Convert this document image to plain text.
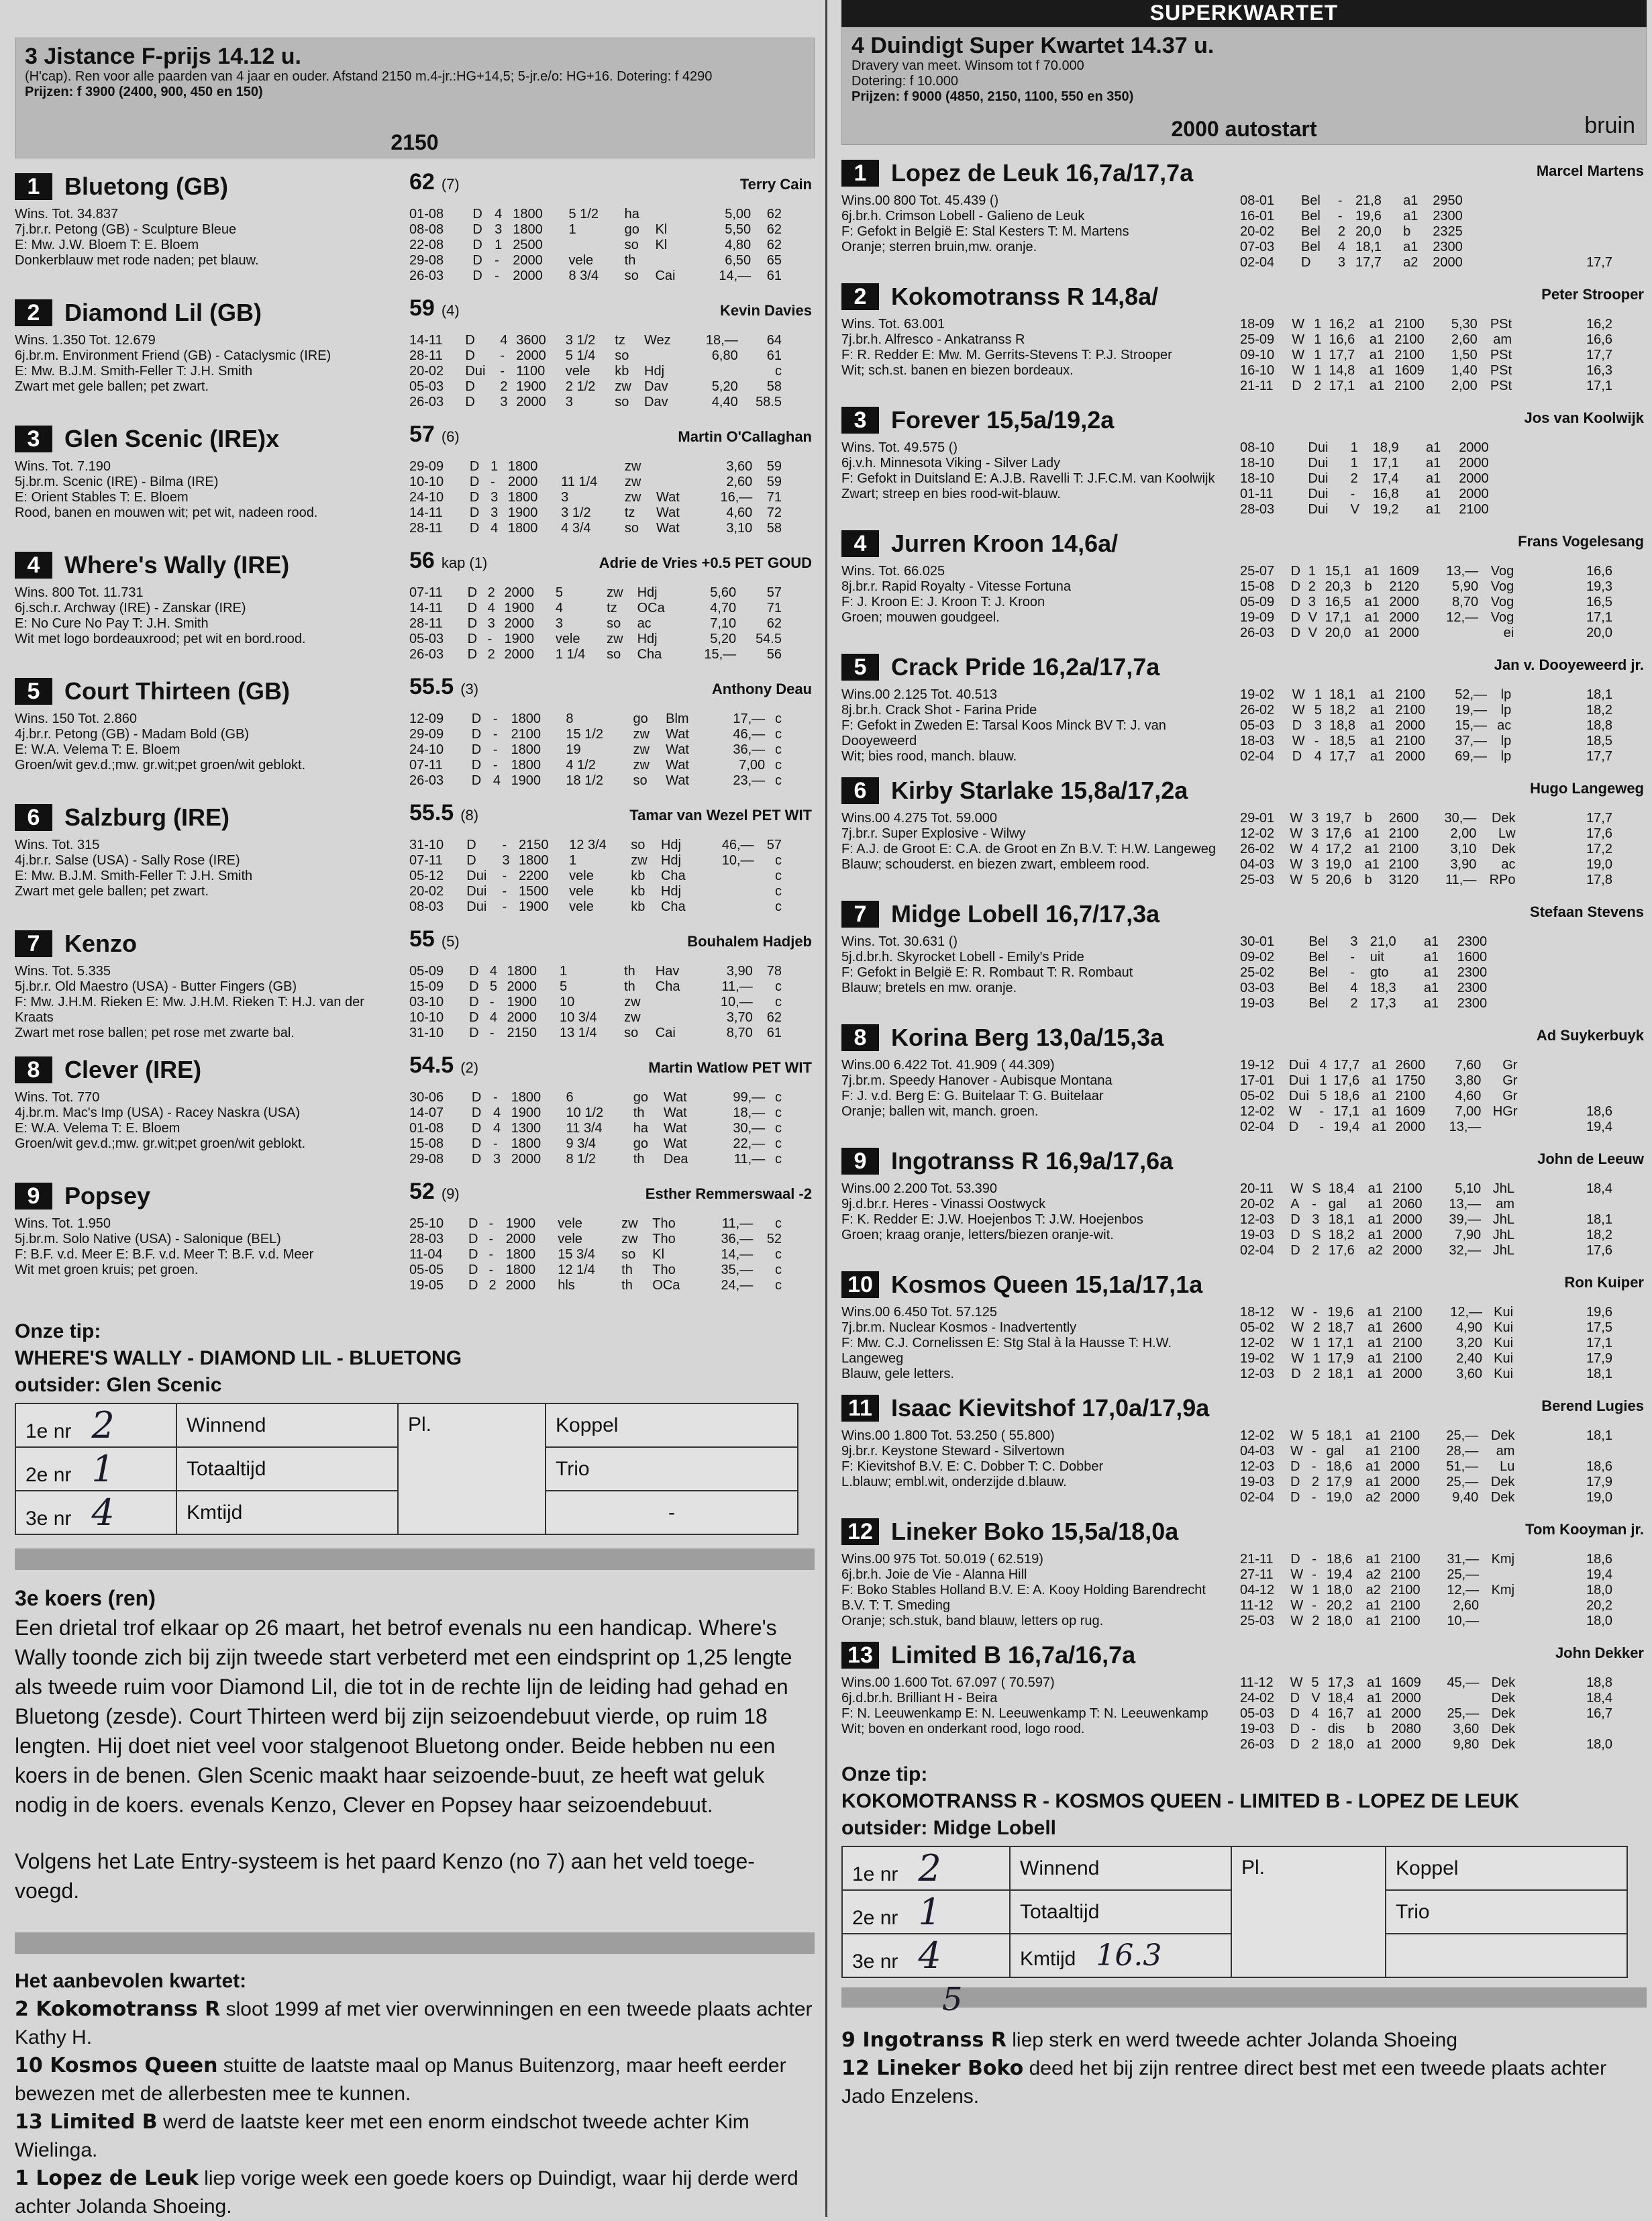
3 Jistance F-prijs 14.12 u.
(H'cap). Ren voor alle paarden van 4 jaar en ouder. Afstand 2150 m.4-jr.:HG+14,5; 5-jr.e/o: HG+16. Dotering: f 4290
Prijzen: f 3900 (2400, 900, 450 en 150)
2150
1 Bluetong (GB)	62 (7)	Terry Cain
Wins. Tot. 34.837
7j.br.r. Petong (GB) - Sculpture Bleue
E: Mw. J.W. Bloem T: E. Bloem
Donkerblauw met rode naden; pet blauw.
01-08	D	4	1800	5 1/2	ha		5,00	62
08-08	D	3	1800	1	go	Kl	5,50	62
22-08	D	1	2500		so	Kl	4,80	62
29-08	D	-	2000	vele	th		6,50	65
26-03	D	-	2000	8 3/4	so	Cai	14,—	61
2 Diamond Lil (GB)	59 (4)	Kevin Davies
Wins. 1.350 Tot. 12.679
6j.br.m. Environment Friend (GB) - Cataclysmic (IRE)
E: Mw. B.J.M. Smith-Feller T: J.H. Smith
Zwart met gele ballen; pet zwart.
14-11	D	4	3600	3 1/2	tz	Wez	18,—	64
28-11	D	-	2000	5 1/4	so		6,80	61
20-02	Dui	-	1100	vele	kb	Hdj		c
05-03	D	2	1900	2 1/2	zw	Dav	5,20	58
26-03	D	3	2000	3	so	Dav	4,40	58.5
3 Glen Scenic (IRE)x	57 (6)	Martin O'Callaghan
Wins. Tot. 7.190
5j.br.m. Scenic (IRE) - Bilma (IRE)
E: Orient Stables T: E. Bloem
Rood, banen en mouwen wit; pet wit, nadeen rood.
29-09	D	1	1800		zw		3,60	59
10-10	D	-	2000	11 1/4	zw		2,60	59
24-10	D	3	1800	3	zw	Wat	16,—	71
14-11	D	3	1900	3 1/2	tz	Wat	4,60	72
28-11	D	4	1800	4 3/4	so	Wat	3,10	58
4 Where's Wally (IRE)	56 kap (1)	Adrie de Vries +0.5 PET GOUD
Wins. 800 Tot. 11.731
6j.sch.r. Archway (IRE) - Zanskar (IRE)
E: No Cure No Pay T: J.H. Smith
Wit met logo bordeauxrood; pet wit en bord.rood.
07-11	D	2	2000	5	zw	Hdj	5,60	57
14-11	D	4	1900	4	tz	OCa	4,70	71
28-11	D	3	2000	3	so	ac	7,10	62
05-03	D	-	1900	vele	zw	Hdj	5,20	54.5
26-03	D	2	2000	1 1/4	so	Cha	15,—	56
5 Court Thirteen (GB)	55.5 (3)	Anthony Deau
Wins. 150 Tot. 2.860
4j.br.r. Petong (GB) - Madam Bold (GB)
E: W.A. Velema T: E. Bloem
Groen/wit gev.d.;mw. gr.wit;pet groen/wit geblokt.
12-09	D	-	1800	8	go	Blm	17,—	c
29-09	D	-	2100	15 1/2	zw	Wat	46,—	c
24-10	D	-	1800	19	zw	Wat	36,—	c
07-11	D	-	1800	4 1/2	zw	Wat	7,00	c
26-03	D	4	1900	18 1/2	so	Wat	23,—	c
6 Salzburg (IRE)	55.5 (8)	Tamar van Wezel PET WIT
Wins. Tot. 315
4j.br.r. Salse (USA) - Sally Rose (IRE)
E: Mw. B.J.M. Smith-Feller T: J.H. Smith
Zwart met gele ballen; pet zwart.
31-10	D	-	2150	12 3/4	so	Hdj	46,—	57
07-11	D	3	1800	1	zw	Hdj	10,—	c
05-12	Dui	-	2200	vele	kb	Cha		c
20-02	Dui	-	1500	vele	kb	Hdj		c
08-03	Dui	-	1900	vele	kb	Cha		c
7 Kenzo	55 (5)	Bouhalem Hadjeb
Wins. Tot. 5.335
5j.br.r. Old Maestro (USA) - Butter Fingers (GB)
F: Mw. J.H.M. Rieken E: Mw. J.H.M. Rieken T: H.J. van der Kraats
Zwart met rose ballen; pet rose met zwarte bal.
05-09	D	4	1800	1	th	Hav	3,90	78
15-09	D	5	2000	5	th	Cha	11,—	c
03-10	D	-	1900	10	zw		10,—	c
10-10	D	4	2000	10 3/4	zw		3,70	62
31-10	D	-	2150	13 1/4	so	Cai	8,70	61
8 Clever (IRE)	54.5 (2)	Martin Watlow PET WIT
Wins. Tot. 770
4j.br.m. Mac's Imp (USA) - Racey Naskra (USA)
E: W.A. Velema T: E. Bloem
Groen/wit gev.d.;mw. gr.wit;pet groen/wit geblokt.
30-06	D	-	1800	6	go	Wat	99,—	c
14-07	D	4	1900	10 1/2	th	Wat	18,—	c
01-08	D	4	1300	11 3/4	ha	Wat	30,—	c
15-08	D	-	1800	9 3/4	go	Wat	22,—	c
29-08	D	3	2000	8 1/2	th	Dea	11,—	c
9 Popsey	52 (9)	Esther Remmerswaal -2
Wins. Tot. 1.950
5j.br.m. Solo Native (USA) - Salonique (BEL)
F: B.F. v.d. Meer E: B.F. v.d. Meer T: B.F. v.d. Meer
Wit met groen kruis; pet groen.
25-10	D	-	1900	vele	zw	Tho	11,—	c
28-03	D	-	2000	vele	zw	Tho	36,—	52
11-04	D	-	1800	15 3/4	so	Kl	14,—	c
05-05	D	-	1800	12 1/4	th	Tho	35,—	c
19-05	D	2	2000	hls	th	OCa	24,—	c
Onze tip:
WHERE'S WALLY - DIAMOND LIL - BLUETONG
outsider: Glen Scenic
1e nr 2	Winnend	Pl.	Koppel
2e nr 1	Totaaltijd		Trio
3e nr 4	Kmtijd		-
3e koers (ren)
Een drietal trof elkaar op 26 maart, het betrof evenals nu een handicap. Where's Wally toonde zich bij zijn tweede start verbeterd met een eindsprint op 1,25 lengte als tweede ruim voor Diamond Lil, die tot in de rechte lijn de leiding had gehad en Bluetong (zesde). Court Thirteen werd bij zijn seizoendebuut vierde, op ruim 18 lengten. Hij doet niet veel voor stalgenoot Bluetong onder. Beide hebben nu een koers in de benen. Glen Scenic maakt haar seizoende-buut, ze heeft wat geluk nodig in de koers. evenals Kenzo, Clever en Popsey haar seizoendebuut.
Volgens het Late Entry-systeem is het paard Kenzo (no 7) aan het veld toege-voegd.
Het aanbevolen kwartet:
2 Kokomotranss R sloot 1999 af met vier overwinningen en een tweede plaats achter Kathy H.
10 Kosmos Queen stuitte de laatste maal op Manus Buitenzorg, maar heeft eerder bewezen met de allerbesten mee te kunnen.
13 Limited B werd de laatste keer met een enorm eindschot tweede achter Kim Wielinga.
1 Lopez de Leuk liep vorige week een goede koers op Duindigt, waar hij derde werd achter Jolanda Shoeing.
SUPERKWARTET
4 Duindigt Super Kwartet 14.37 u.
Dravery van meet. Winsom tot f 70.000
Dotering: f 10.000
Prijzen: f 9000 (4850, 2150, 1100, 550 en 350)
2000 autostart	bruin
1 Lopez de Leuk 16,7a/17,7a	Marcel Martens
Wins.00 800 Tot. 45.439 ()
6j.br.h. Crimson Lobell - Galieno de Leuk
F: Gefokt in België E: Stal Kesters T: M. Martens
Oranje; sterren bruin,mw. oranje.
08-01	Bel	-	21,8	a1	2950				
16-01	Bel	-	19,6	a1	2300				
20-02	Bel	2	20,0	b	2325				
07-03	Bel	4	18,1	a1	2300				
02-04	D	3	17,7	a2	2000				17,7
2 Kokomotranss R 14,8a/	Peter Strooper
Wins. Tot. 63.001
7j.br.h. Alfresco - Ankatranss R
F: R. Redder E: Mw. M. Gerrits-Stevens T: P.J. Strooper
Wit; sch.st. banen en biezen bordeaux.
18-09	W	1	16,2	a1	2100	5,30	PSt		16,2
25-09	W	1	16,6	a1	2100	2,60	am		16,6
09-10	W	1	17,7	a1	2100	1,50	PSt		17,7
16-10	W	1	14,8	a1	1609	1,40	PSt		16,3
21-11	D	2	17,1	a1	2100	2,00	PSt		17,1
3 Forever 15,5a/19,2a	Jos van Koolwijk
Wins. Tot. 49.575 ()
6j.v.h. Minnesota Viking - Silver Lady
F: Gefokt in Duitsland E: A.J.B. Ravelli T: J.F.C.M. van Koolwijk
Zwart; streep en bies rood-wit-blauw.
08-10	Dui	1	18,9	a1	2000				
18-10	Dui	1	17,1	a1	2000				
18-10	Dui	2	17,4	a1	2000				
01-11	Dui	-	16,8	a1	2000				
28-03	Dui	V	19,2	a1	2100				
4 Jurren Kroon 14,6a/	Frans Vogelesang
Wins. Tot. 66.025
8j.br.r. Rapid Royalty - Vitesse Fortuna
F: J. Kroon E: J. Kroon T: J. Kroon
Groen; mouwen goudgeel.
25-07	D	1	15,1	a1	1609	13,—	Vog		16,6
15-08	D	2	20,3	b	2120	5,90	Vog		19,3
05-09	D	3	16,5	a1	2000	8,70	Vog		16,5
19-09	D	V	17,1	a1	2000	12,—	Vog		17,1
26-03	D	V	20,0	a1	2000		ei		20,0
5 Crack Pride 16,2a/17,7a	Jan v. Dooyeweerd jr.
Wins.00 2.125 Tot. 40.513
8j.br.h. Crack Shot - Farina Pride
F: Gefokt in Zweden E: Tarsal Koos Minck BV T: J. van Dooyeweerd
Wit; bies rood, manch. blauw.
19-02	W	1	18,1	a1	2100	52,—	lp		18,1
26-02	W	5	18,2	a1	2100	19,—	lp		18,2
05-03	D	3	18,8	a1	2000	15,—	ac		18,8
18-03	W	-	18,5	a1	2100	37,—	lp		18,5
02-04	D	4	17,7	a1	2000	69,—	lp		17,7
6 Kirby Starlake 15,8a/17,2a	Hugo Langeweg
Wins.00 4.275 Tot. 59.000
7j.br.r. Super Explosive - Wilwy
F: A.J. de Groot E: C.A. de Groot en Zn B.V. T: H.W. Langeweg
Blauw; schouderst. en biezen zwart, embleem rood.
29-01	W	3	19,7	b	2600	30,—	Dek		17,7
12-02	W	3	17,6	a1	2100	2,00	Lw		17,6
26-02	W	4	17,2	a1	2100	3,10	Dek		17,2
04-03	W	3	19,0	a1	2100	3,90	ac		19,0
25-03	W	5	20,6	b	3120	11,—	RPo		17,8
7 Midge Lobell 16,7/17,3a	Stefaan Stevens
Wins. Tot. 30.631 ()
5j.d.br.h. Skyrocket Lobell - Emily's Pride
F: Gefokt in België E: R. Rombaut T: R. Rombaut
Blauw; bretels en mw. oranje.
30-01	Bel	3	21,0	a1	2300				
09-02	Bel	-	uit	a1	1600				
25-02	Bel	-	gto	a1	2300				
03-03	Bel	4	18,3	a1	2300				
19-03	Bel	2	17,3	a1	2300				
8 Korina Berg 13,0a/15,3a	Ad Suykerbuyk
Wins.00 6.422 Tot. 41.909 ( 44.309)
7j.br.m. Speedy Hanover - Aubisque Montana
F: J. v.d. Berg E: G. Buitelaar T: G. Buitelaar
Oranje; ballen wit, manch. groen.
19-12	Dui	4	17,7	a1	2600	7,60	Gr		
17-01	Dui	1	17,6	a1	1750	3,80	Gr		
05-02	Dui	5	18,6	a1	2100	4,60	Gr		
12-02	W	-	17,1	a1	1609	7,00	HGr		18,6
02-04	D	-	19,4	a1	2000	13,—			19,4
9 Ingotranss R 16,9a/17,6a	John de Leeuw
Wins.00 2.200 Tot. 53.390
9j.d.br.r. Heres - Vinassi Oostwyck
F: K. Redder E: J.W. Hoejenbos T: J.W. Hoejenbos
Groen; kraag oranje, letters/biezen oranje-wit.
20-11	W	S	18,4	a1	2100	5,10	JhL		18,4
20-02	A	-	gal	a1	2060	13,—	am		
12-03	D	3	18,1	a1	2000	39,—	JhL		18,1
19-03	D	S	18,2	a1	2000	7,90	JhL		18,2
02-04	D	2	17,6	a2	2000	32,—	JhL		17,6
10 Kosmos Queen 15,1a/17,1a	Ron Kuiper
Wins.00 6.450 Tot. 57.125
7j.br.m. Nuclear Kosmos - Inadvertently
F: Mw. C.J. Cornelissen E: Stg Stal à la Hausse T: H.W. Langeweg
Blauw, gele letters.
18-12	W	-	19,6	a1	2100	12,—	Kui		19,6
05-02	W	2	18,7	a1	2600	4,90	Kui		17,5
12-02	W	1	17,1	a1	2100	3,20	Kui		17,1
19-02	W	1	17,9	a1	2100	2,40	Kui		17,9
12-03	D	2	18,1	a1	2000	3,60	Kui		18,1
11 Isaac Kievitshof 17,0a/17,9a	Berend Lugies
Wins.00 1.800 Tot. 53.250 ( 55.800)
9j.br.r. Keystone Steward - Silvertown
F: Kievitshof B.V. E: C. Dobber T: C. Dobber
L.blauw; embl.wit, onderzijde d.blauw.
12-02	W	5	18,1	a1	2100	25,—	Dek		18,1
04-03	W	-	gal	a1	2100	28,—	am		
12-03	D	-	18,6	a1	2000	51,—	Lu		18,6
19-03	D	2	17,9	a1	2000	25,—	Dek		17,9
02-04	D	-	19,0	a2	2000	9,40	Dek		19,0
12 Lineker Boko 15,5a/18,0a	Tom Kooyman jr.
Wins.00 975 Tot. 50.019 ( 62.519)
6j.br.h. Joie de Vie - Alanna Hill
F: Boko Stables Holland B.V. E: A. Kooy Holding Barendrecht B.V. T: T. Smeding
Oranje; sch.stuk, band blauw, letters op rug.
21-11	D	-	18,6	a1	2100	31,—	Kmj		18,6
27-11	W	-	19,4	a2	2100	25,—			19,4
04-12	W	1	18,0	a2	2100	12,—	Kmj		18,0
11-12	W	-	20,2	a1	2100	2,60			20,2
25-03	W	2	18,0	a1	2100	10,—			18,0
13 Limited B 16,7a/16,7a	John Dekker
Wins.00 1.600 Tot. 67.097 ( 70.597)
6j.d.br.h. Brilliant H - Beira
F: N. Leeuwenkamp E: N. Leeuwenkamp T: N. Leeuwenkamp
Wit; boven en onderkant rood, logo rood.
11-12	W	5	17,3	a1	1609	45,—	Dek		18,8
24-02	D	V	18,4	a1	2000		Dek		18,4
05-03	D	4	16,7	a1	2000	25,—	Dek		16,7
19-03	D	-	dis	b	2080	3,60	Dek		
26-03	D	2	18,0	a1	2000	9,80	Dek		18,0
Onze tip:
KOKOMOTRANSS R - KOSMOS QUEEN - LIMITED B - LOPEZ DE LEUK
outsider: Midge Lobell
1e nr 2	Winnend	Pl.	Koppel
2e nr 1	Totaaltijd		Trio
3e nr 4	Kmtijd 16.3		
5
9 Ingotranss R liep sterk en werd tweede achter Jolanda Shoeing
12 Lineker Boko deed het bij zijn rentree direct best met een tweede plaats achter Jado Enzelens.
